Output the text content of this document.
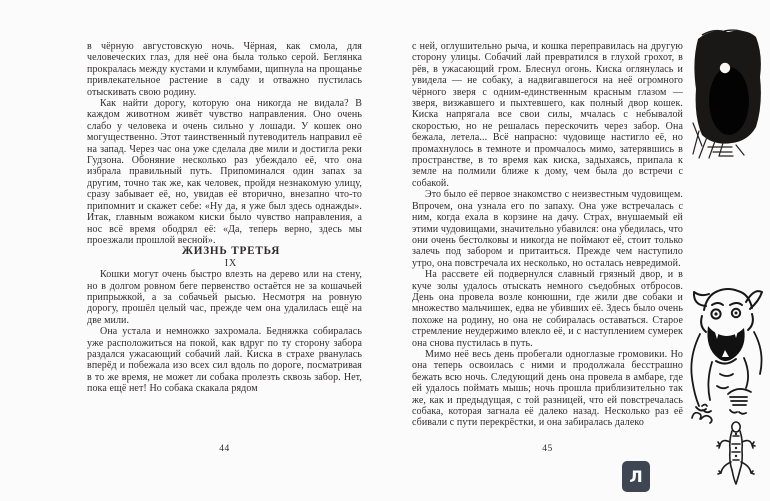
в чёрную августовскую ночь. Чёрная, как смола, для человеческих глаз, для неё она была только серой. Беглянка прокралась между кустами и клумбами, щипнула на прощанье привлекательное растение в саду и отважно пустилась отыскивать свою родину.

Как найти дорогу, которую она никогда не видала? В каждом животном живёт чувство направления. Оно очень слабо у человека и очень сильно у лошади. У кошек оно могущественно. Этот таинственный путеводитель направил её на запад. Через час она уже сделала две мили и достигла реки Гудзона. Обоняние несколько раз убеждало её, что она избрала правильный путь. Припоминался один запах за другим, точно так же, как человек, пройдя незнакомую улицу, сразу забывает её, но, увидав её вторично, внезапно что-то припомнит и скажет себе: «Ну да, я уже был здесь однажды». Итак, главным вожаком киски было чувство направления, а нос всё время ободрял её: «Да, теперь верно, здесь мы проезжали прошлой весной».

ЖИЗНЬ ТРЕТЬЯ

IX

Кошки могут очень быстро влезть на дерево или на стену, но в долгом ровном беге первенство остаётся не за кошачьей припрыжкой, а за собачьей рысью. Несмотря на ровную дорогу, прошёл целый час, прежде чем она удалилась ещё на две мили.

Она устала и немножко захромала. Бедняжка собиралась уже расположиться на покой, как вдруг по ту сторону забора раздался ужасающий собачий лай. Киска в страхе рванулась вперёд и побежала изо всех сил вдоль по дороге, посматривая в то же время, не может ли собака пролезть сквозь забор. Нет, пока ещё нет! Но собака скакала рядом

44

с ней, оглушительно рыча, и кошка переправилась на другую сторону улицы. Собачий лай превратился в глухой грохот, в рёв, в ужасающий гром. Блеснул огонь. Киска оглянулась и увидела — не собаку, а надвигавшегося на неё огромного чёрного зверя с одним-единственным красным глазом — зверя, визжавшего и пыхтевшего, как полный двор кошек. Киска напрягала все свои силы, мчалась с небывалой скоростью, но не решалась перескочить через забор. Она бежала, летела... Всё напрасно: чудовище настигло её, но промахнулось в темноте и промчалось мимо, затерявшись в пространстве, в то время как киска, задыхаясь, припала к земле на полмили ближе к дому, чем была до встречи с собакой.

Это было её первое знакомство с неизвестным чудовищем. Впрочем, она узнала его по запаху. Она уже встречалась с ним, когда ехала в корзине на дачу. Страх, внушаемый ей этими чудовищами, значительно убавился: она убедилась, что они очень бестолковы и никогда не поймают её, стоит только залечь под забором и притаиться. Прежде чем наступило утро, она повстречала их несколько, но осталась невредимой.

На рассвете ей подвернулся славный грязный двор, и в куче золы удалось отыскать немного съедобных отбросов. День она провела возле конюшни, где жили две собаки и множество мальчишек, едва не убивших её. Здесь было очень похоже на родину, но она не собиралась оставаться. Старое стремление неудержимо влекло её, и с наступлением сумерек она снова пустилась в путь.

Мимо неё весь день пробегали одноглазые громовики. Но она теперь освоилась с ними и продолжала бесстрашно бежать всю ночь. Следующий день она провела в амбаре, где ей удалось поймать мышь; ночь прошла приблизительно так же, как и предыдущая, с той разницей, что ей повстречалась собака, которая загнала её далеко назад. Несколько раз её сбивали с пути перекрёстки, и она забиралась далеко

45
Л
